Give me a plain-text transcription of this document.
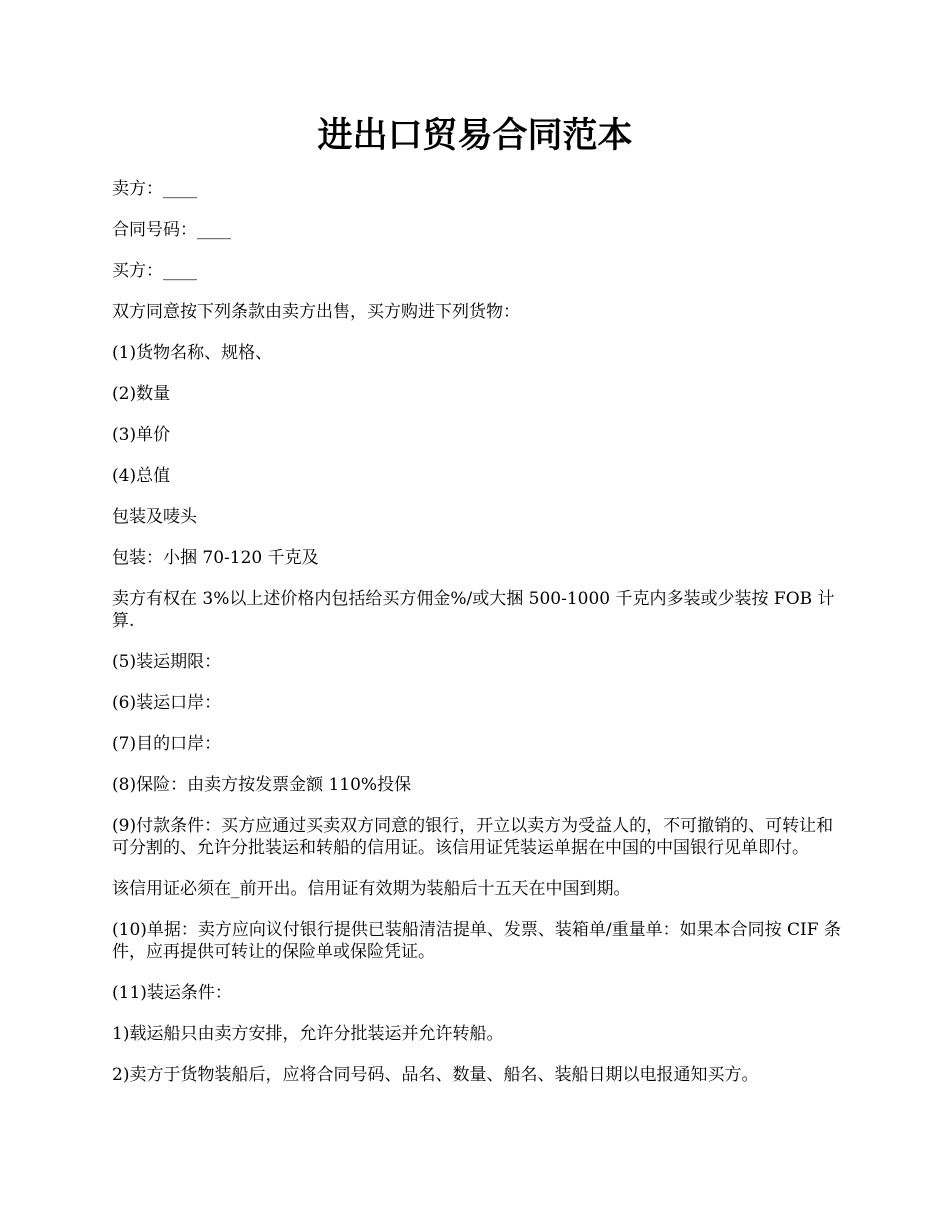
进出口贸易合同范本

卖方：____

合同号码：____

买方：____

双方同意按下列条款由卖方出售，买方购进下列货物：

(1)货物名称、规格、

(2)数量

(3)单价

(4)总值

包装及唛头

包装：小捆 70-120 千克及

卖方有权在 3%以上述价格内包括给买方佣金%/或大捆 500-1000 千克内多装或少装按 FOB 计算.

(5)装运期限：

(6)装运口岸：

(7)目的口岸：

(8)保险：由卖方按发票金额 110%投保

(9)付款条件：买方应通过买卖双方同意的银行，开立以卖方为受益人的，不可撤销的、可转让和可分割的、允许分批装运和转船的信用证。该信用证凭装运单据在中国的中国银行见单即付。

该信用证必须在_前开出。信用证有效期为装船后十五天在中国到期。

(10)单据：卖方应向议付银行提供已装船清洁提单、发票、装箱单/重量单：如果本合同按 CIF 条件，应再提供可转让的保险单或保险凭证。

(11)装运条件：

1)载运船只由卖方安排，允许分批装运并允许转船。

2)卖方于货物装船后，应将合同号码、品名、数量、船名、装船日期以电报通知买方。
